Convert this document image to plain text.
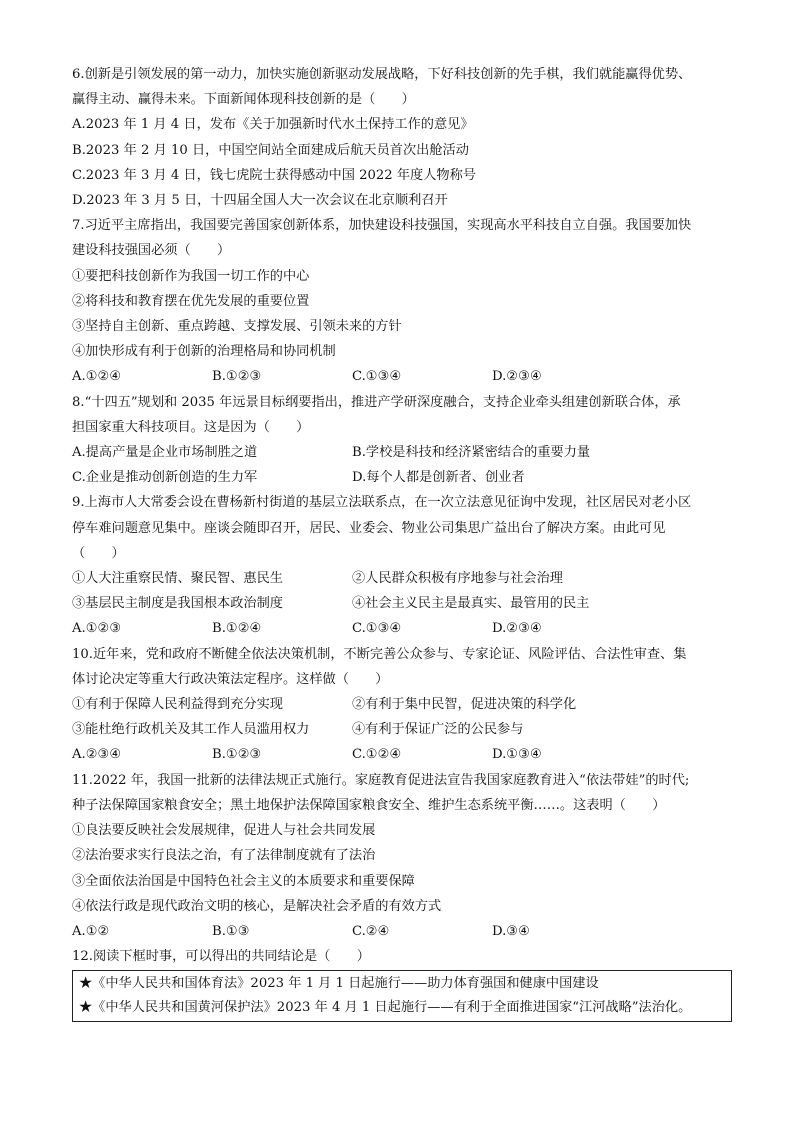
6.创新是引领发展的第一动力，加快实施创新驱动发展战略，下好科技创新的先手棋，我们就能赢得优势、
赢得主动、赢得未来。下面新闻体现科技创新的是（　　）
A.2023 年 1 月 4 日，发布《关于加强新时代水土保持工作的意见》
B.2023 年 2 月 10 日，中国空间站全面建成后航天员首次出舱活动
C.2023 年 3 月 4 日，钱七虎院士获得感动中国 2022 年度人物称号
D.2023 年 3 月 5 日，十四届全国人大一次会议在北京顺利召开
7.习近平主席指出，我国要完善国家创新体系，加快建设科技强国，实现高水平科技自立自强。我国要加快
建设科技强国必须（　　）
①要把科技创新作为我国一切工作的中心
②将科技和教育摆在优先发展的重要位置
③坚持自主创新、重点跨越、支撑发展、引领未来的方针
④加快形成有利于创新的治理格局和协同机制
A.①②④	B.①②③	C.①③④	D.②③④
8.“十四五”规划和 2035 年远景目标纲要指出，推进产学研深度融合，支持企业牵头组建创新联合体，承
担国家重大科技项目。这是因为（　　）
A.提高产量是企业市场制胜之道	B.学校是科技和经济紧密结合的重要力量
C.企业是推动创新创造的生力军	D.每个人都是创新者、创业者
9.上海市人大常委会设在曹杨新村街道的基层立法联系点，在一次立法意见征询中发现，社区居民对老小区
停车难问题意见集中。座谈会随即召开，居民、业委会、物业公司集思广益出台了解决方案。由此可见
（　　）
①人大注重察民情、聚民智、惠民生	②人民群众积极有序地参与社会治理
③基层民主制度是我国根本政治制度	④社会主义民主是最真实、最管用的民主
A.①②③	B.①②④	C.①③④	D.②③④
10.近年来，党和政府不断健全依法决策机制，不断完善公众参与、专家论证、风险评估、合法性审查、集
体讨论决定等重大行政决策法定程序。这样做（　　）
①有利于保障人民利益得到充分实现	②有利于集中民智，促进决策的科学化
③能杜绝行政机关及其工作人员滥用权力	④有利于保证广泛的公民参与
A.②③④	B.①②③	C.①②④	D.①③④
11.2022 年，我国一批新的法律法规正式施行。家庭教育促进法宣告我国家庭教育进入“依法带娃”的时代;
种子法保障国家粮食安全；黑土地保护法保障国家粮食安全、维护生态系统平衡……。这表明（　　）
①良法要反映社会发展规律，促进人与社会共同发展
②法治要求实行良法之治，有了法律制度就有了法治
③全面依法治国是中国特色社会主义的本质要求和重要保障
④依法行政是现代政治文明的核心，是解决社会矛盾的有效方式
A.①②	B.①③	C.②④	D.③④
12.阅读下框时事，可以得出的共同结论是（　　）
★《中华人民共和国体育法》2023 年 1 月 1 日起施行——助力体育强国和健康中国建设
★《中华人民共和国黄河保护法》2023 年 4 月 1 日起施行——有利于全面推进国家“江河战略”法治化。
